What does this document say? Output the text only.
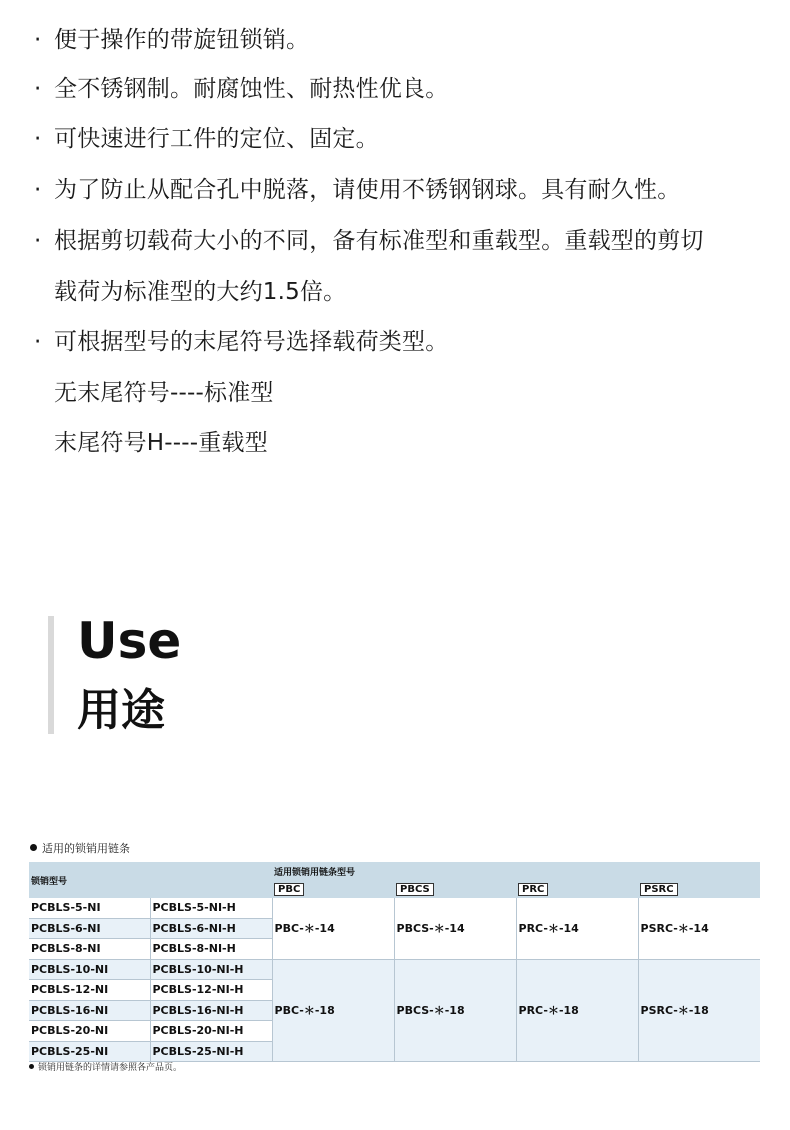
· 便于操作的带旋钮锁销。
· 全不锈钢制。耐腐蚀性、耐热性优良。
· 可快速进行工件的定位、固定。
· 为了防止从配合孔中脱落，请使用不锈钢钢球。具有耐久性。
· 根据剪切载荷大小的不同，备有标准型和重载型。重载型的剪切
载荷为标准型的大约1.5倍。
· 可根据型号的末尾符号选择载荷类型。
无末尾符号----标准型
末尾符号H----重载型
Use
用途
适用的锁销用链条
锁销型号		适用锁销用链条型号			
		PBC	PBCS	PRC	PSRC
PCBLS-5-NI	PCBLS-5-NI-H	PBC-＊-14	PBCS-＊-14	PRC-＊-14	PSRC-＊-14
PCBLS-6-NI	PCBLS-6-NI-H				
PCBLS-8-NI	PCBLS-8-NI-H				
PCBLS-10-NI	PCBLS-10-NI-H	PBC-＊-18	PBCS-＊-18	PRC-＊-18	PSRC-＊-18
PCBLS-12-NI	PCBLS-12-NI-H				
PCBLS-16-NI	PCBLS-16-NI-H				
PCBLS-20-NI	PCBLS-20-NI-H				
PCBLS-25-NI	PCBLS-25-NI-H				
锁销用链条的详情请参照各产品页。
